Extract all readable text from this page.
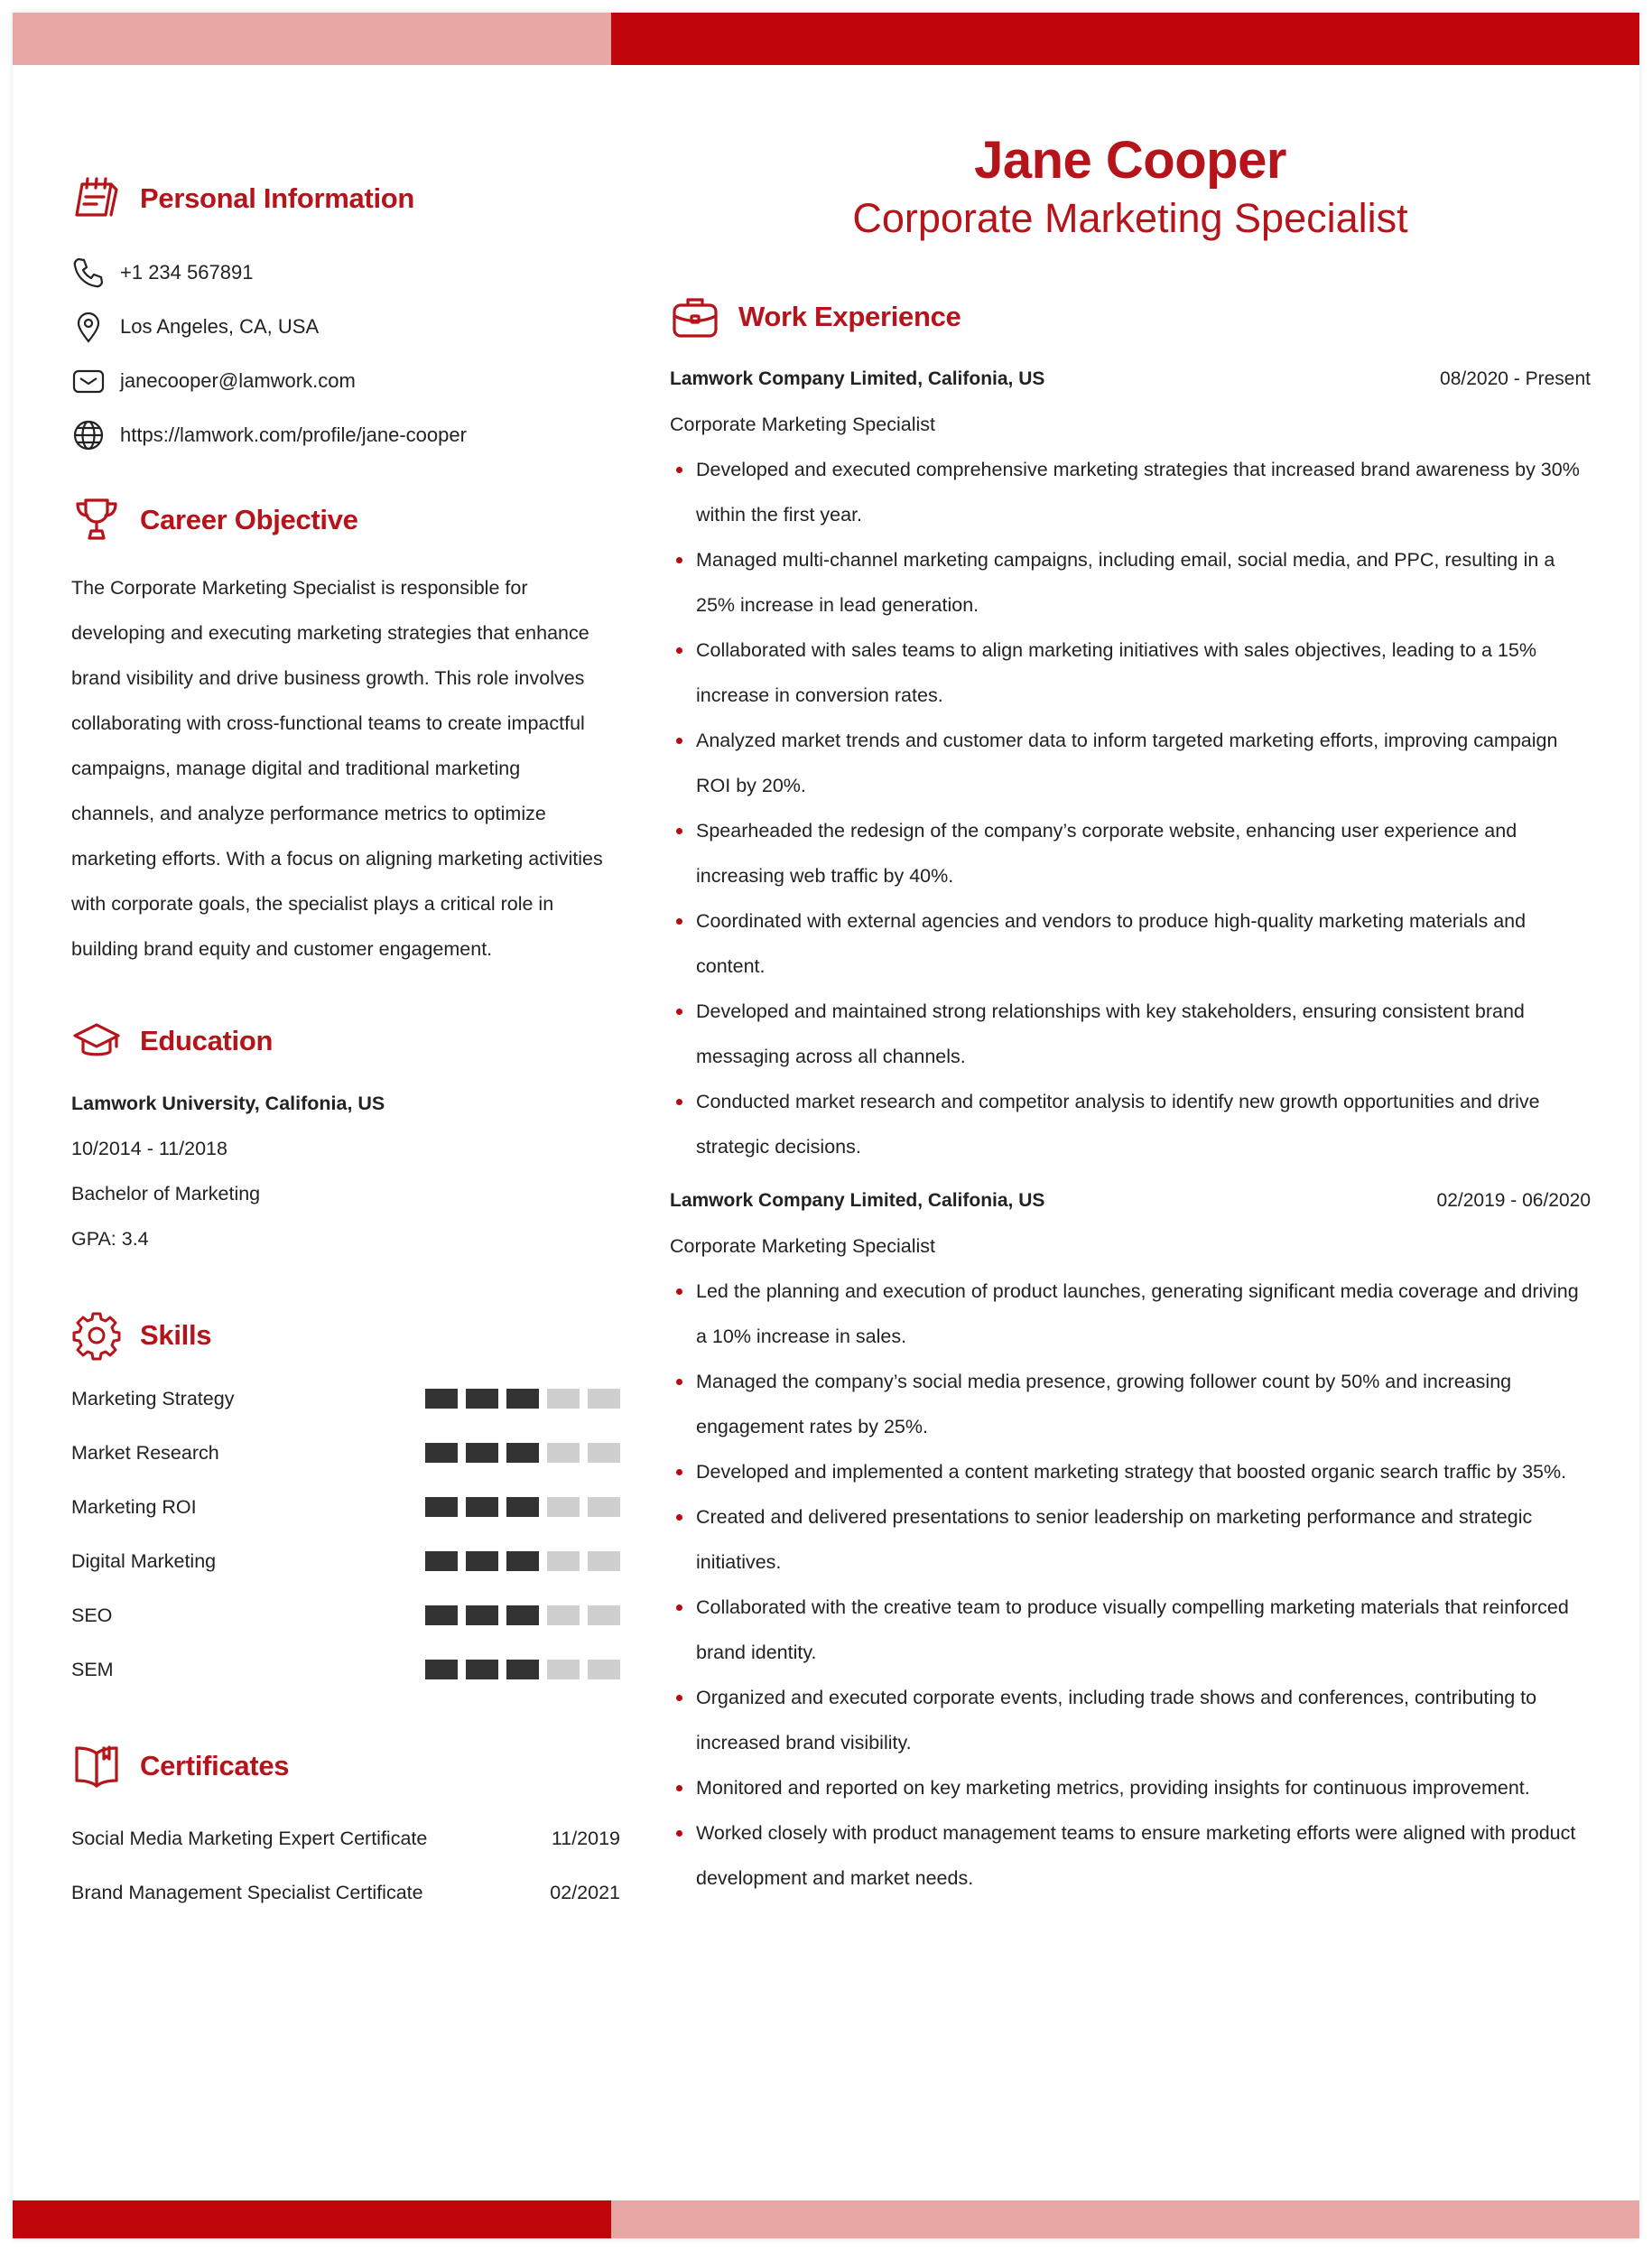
Personal Information
+1 234 567891
Los Angeles, CA, USA
janecooper@lamwork.com
https://lamwork.com/profile/jane-cooper
Career Objective
The Corporate Marketing Specialist is responsible for developing and executing marketing strategies that enhance brand visibility and drive business growth. This role involves collaborating with cross-functional teams to create impactful campaigns, manage digital and traditional marketing channels, and analyze performance metrics to optimize marketing efforts. With a focus on aligning marketing activities with corporate goals, the specialist plays a critical role in building brand equity and customer engagement.
Education
Lamwork University, Califonia, US
10/2014 - 11/2018
Bachelor of Marketing
GPA: 3.4
Skills
Marketing Strategy
Market Research
Marketing ROI
Digital Marketing
SEO
SEM
Certificates
Social Media Marketing Expert Certificate	11/2019
Brand Management Specialist Certificate	02/2021
Jane Cooper
Corporate Marketing Specialist
Work Experience
Lamwork Company Limited, Califonia, US	08/2020 - Present
Corporate Marketing Specialist
Developed and executed comprehensive marketing strategies that increased brand awareness by 30% within the first year.
Managed multi-channel marketing campaigns, including email, social media, and PPC, resulting in a 25% increase in lead generation.
Collaborated with sales teams to align marketing initiatives with sales objectives, leading to a 15% increase in conversion rates.
Analyzed market trends and customer data to inform targeted marketing efforts, improving campaign ROI by 20%.
Spearheaded the redesign of the company’s corporate website, enhancing user experience and increasing web traffic by 40%.
Coordinated with external agencies and vendors to produce high-quality marketing materials and content.
Developed and maintained strong relationships with key stakeholders, ensuring consistent brand messaging across all channels.
Conducted market research and competitor analysis to identify new growth opportunities and drive strategic decisions.
Lamwork Company Limited, Califonia, US	02/2019 - 06/2020
Corporate Marketing Specialist
Led the planning and execution of product launches, generating significant media coverage and driving a 10% increase in sales.
Managed the company’s social media presence, growing follower count by 50% and increasing engagement rates by 25%.
Developed and implemented a content marketing strategy that boosted organic search traffic by 35%.
Created and delivered presentations to senior leadership on marketing performance and strategic initiatives.
Collaborated with the creative team to produce visually compelling marketing materials that reinforced brand identity.
Organized and executed corporate events, including trade shows and conferences, contributing to increased brand visibility.
Monitored and reported on key marketing metrics, providing insights for continuous improvement.
Worked closely with product management teams to ensure marketing efforts were aligned with product development and market needs.
